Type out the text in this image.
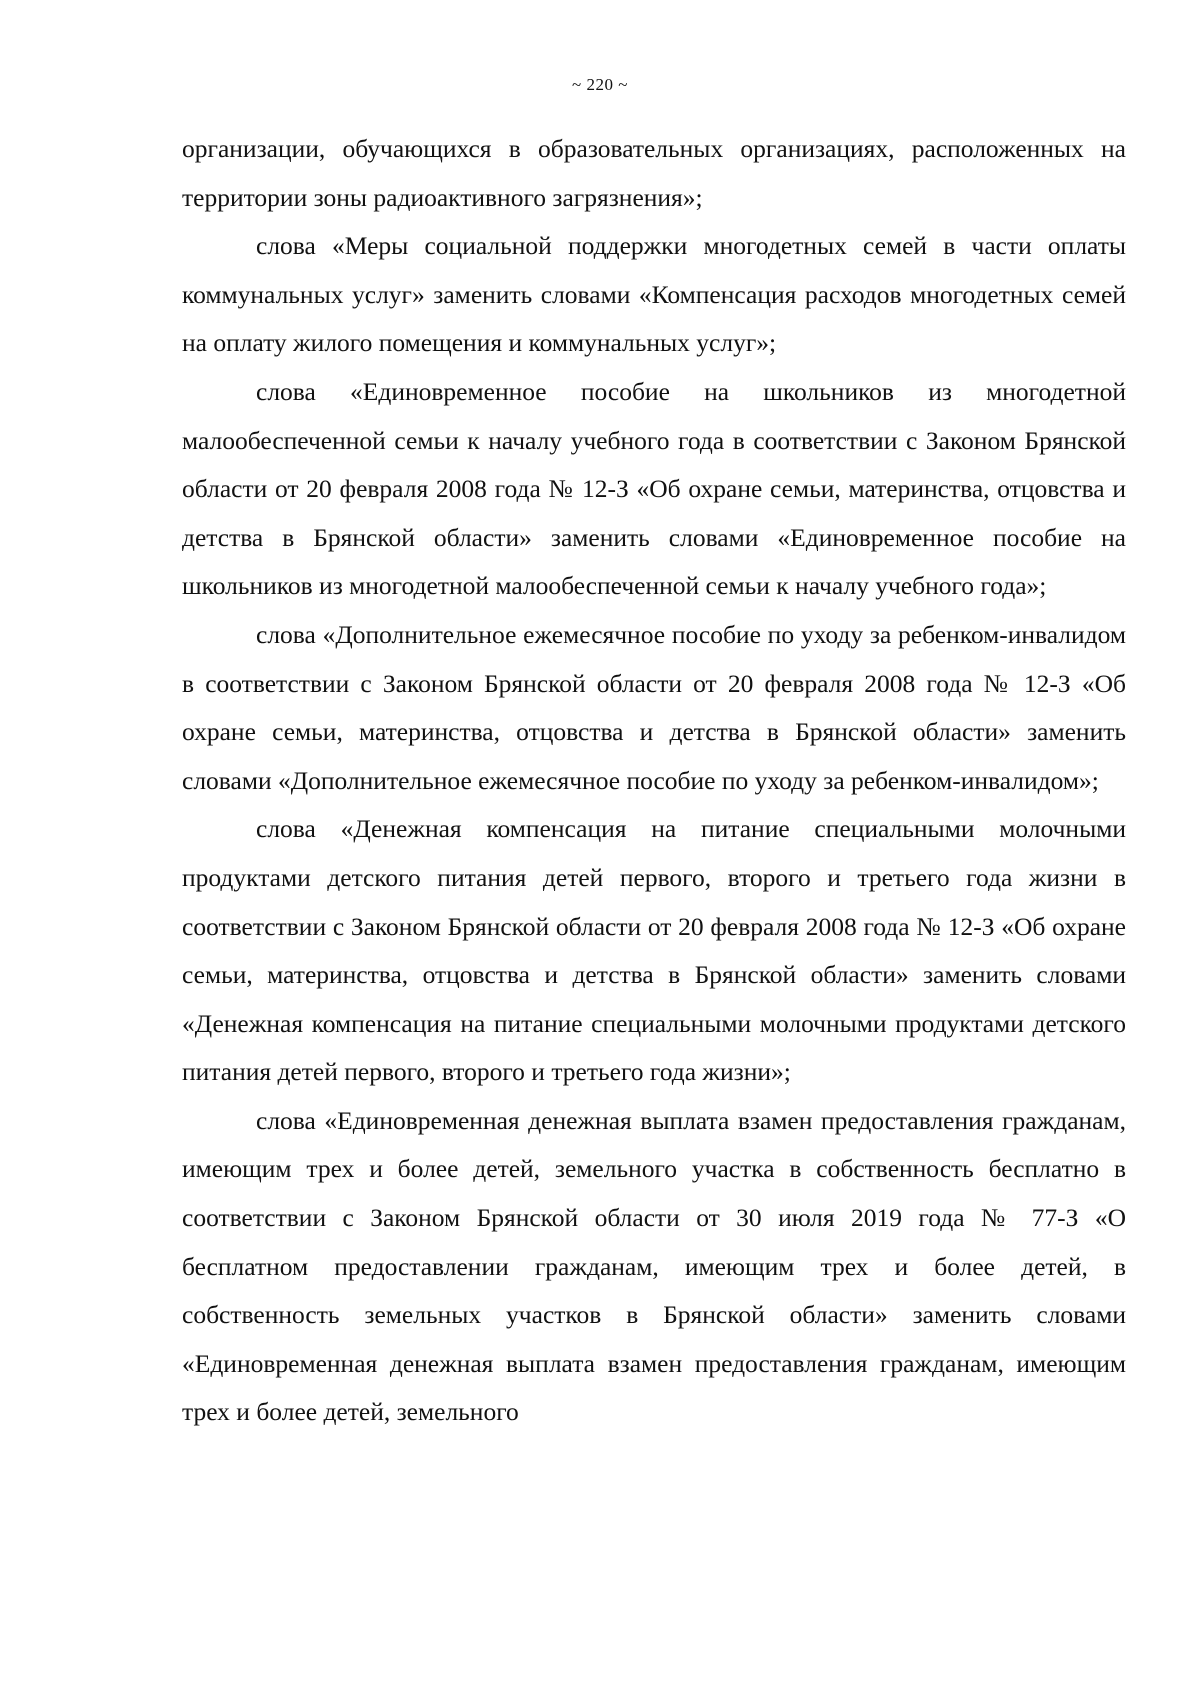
~ 220 ~

организации, обучающихся в образовательных организациях, расположенных на территории зоны радиоактивного загрязнения»;

слова «Меры социальной поддержки многодетных семей в части оплаты коммунальных услуг» заменить словами «Компенсация расходов многодетных семей на оплату жилого помещения и коммунальных услуг»;

слова «Единовременное пособие на школьников из многодетной малообеспеченной семьи к началу учебного года в соответствии с Законом Брянской области от 20 февраля 2008 года № 12-З «Об охране семьи, материнства, отцовства и детства в Брянской области» заменить словами «Единовременное пособие на школьников из многодетной малообеспеченной семьи к началу учебного года»;

слова «Дополнительное ежемесячное пособие по уходу за ребенком-инвалидом в соответствии с Законом Брянской области от 20 февраля 2008 года № 12-З «Об охране семьи, материнства, отцовства и детства в Брянской области» заменить словами «Дополнительное ежемесячное пособие по уходу за ребенком-инвалидом»;

слова «Денежная компенсация на питание специальными молочными продуктами детского питания детей первого, второго и третьего года жизни в соответствии с Законом Брянской области от 20 февраля 2008 года № 12-З «Об охране семьи, материнства, отцовства и детства в Брянской области» заменить словами «Денежная компенсация на питание специальными молочными продуктами детского питания детей первого, второго и третьего года жизни»;

слова «Единовременная денежная выплата взамен предоставления гражданам, имеющим трех и более детей, земельного участка в собственность бесплатно в соответствии с Законом Брянской области от 30 июля 2019 года № 77-З «О бесплатном предоставлении гражданам, имеющим трех и более детей, в собственность земельных участков в Брянской области» заменить словами «Единовременная денежная выплата взамен предоставления гражданам, имеющим трех и более детей, земельного
